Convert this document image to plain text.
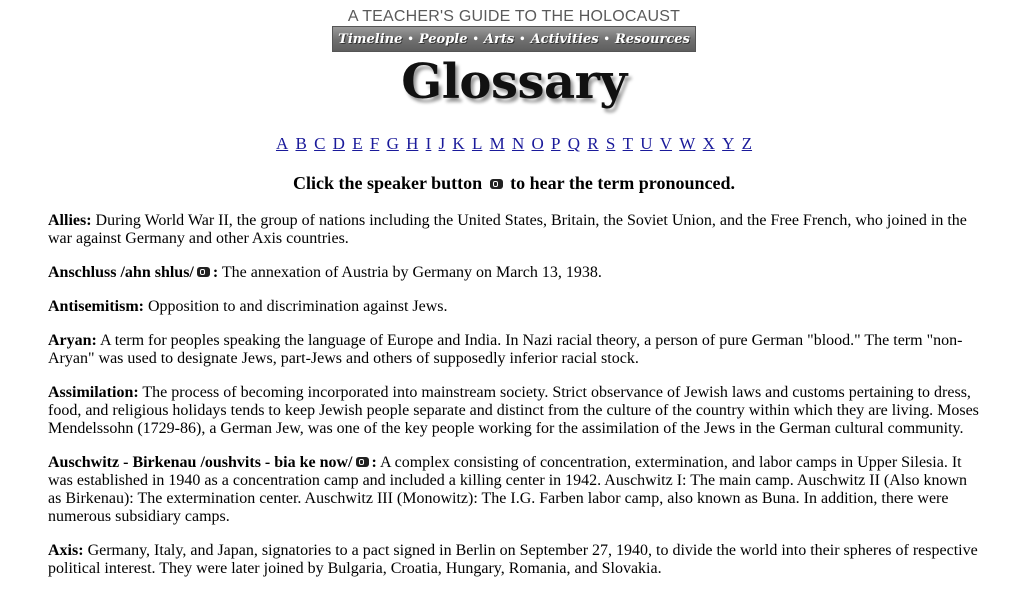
A TEACHER'S GUIDE TO THE HOLOCAUST
Timeline • People • Arts • Activities • Resources
Glossary
A B C D E F G H I J K L M N O P Q R S T U V W X Y Z
Click the speaker button to hear the term pronounced.

Allies: During World War II, the group of nations including the United States, Britain, the Soviet Union, and the Free French, who joined in the war against Germany and other Axis countries.

Anschluss /ahn shlus/ : The annexation of Austria by Germany on March 13, 1938.

Antisemitism: Opposition to and discrimination against Jews.

Aryan: A term for peoples speaking the language of Europe and India. In Nazi racial theory, a person of pure German "blood." The term "non-Aryan" was used to designate Jews, part-Jews and others of supposedly inferior racial stock.

Assimilation: The process of becoming incorporated into mainstream society. Strict observance of Jewish laws and customs pertaining to dress, food, and religious holidays tends to keep Jewish people separate and distinct from the culture of the country within which they are living. Moses Mendelssohn (1729-86), a German Jew, was one of the key people working for the assimilation of the Jews in the German cultural community.

Auschwitz - Birkenau /oushvits - bia ke now/ : A complex consisting of concentration, extermination, and labor camps in Upper Silesia. It was established in 1940 as a concentration camp and included a killing center in 1942. Auschwitz I: The main camp. Auschwitz II (Also known as Birkenau): The extermination center. Auschwitz III (Monowitz): The I.G. Farben labor camp, also known as Buna. In addition, there were numerous subsidiary camps.

Axis: Germany, Italy, and Japan, signatories to a pact signed in Berlin on September 27, 1940, to divide the world into their spheres of respective political interest. They were later joined by Bulgaria, Croatia, Hungary, Romania, and Slovakia.
